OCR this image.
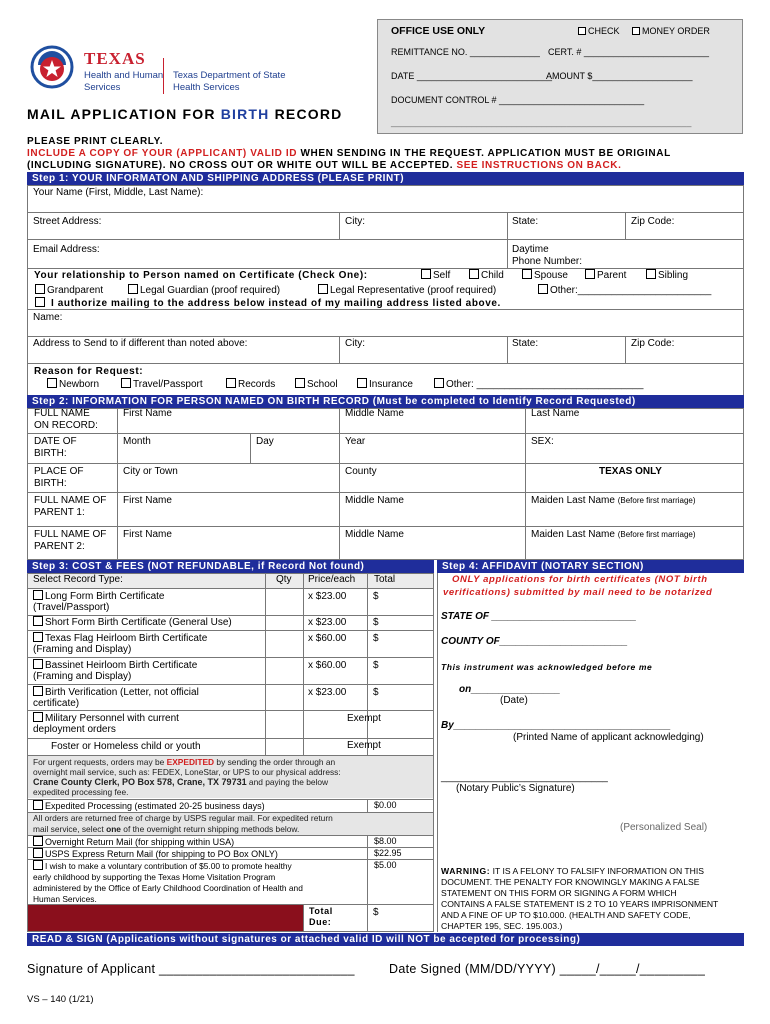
OFFICE USE ONLY	CHECK	MONEY ORDER
REMITTANCE NO. ______________ CERT. # _________________________
DATE ___________________________
AMOUNT $____________________
DOCUMENT CONTROL # _____________________________
____________________________________________________________
TEXAS
Health and Human
Services
Texas Department of State
Health Services
MAIL APPLICATION FOR BIRTH RECORD
PLEASE PRINT CLEARLY.
INCLUDE A COPY OF YOUR (APPLICANT) VALID ID WHEN SENDING IN THE REQUEST. APPLICATION MUST BE ORIGINAL
(INCLUDING SIGNATURE). NO CROSS OUT OR WHITE OUT WILL BE ACCEPTED. SEE INSTRUCTIONS ON BACK.
Step 1: YOUR INFORMATON AND SHIPPING ADDRESS (PLEASE PRINT)
Your Name (First, Middle, Last Name):
Street Address:	City:	State:	Zip Code:
Email Address:	Daytime
Phone Number:
Your relationship to Person named on Certificate (Check One):	Self	Child	Spouse	Parent	Sibling
Grandparent	Legal Guardian (proof required)	Legal Representative (proof required)	Other:________________________
I authorize mailing to the address below instead of my mailing address listed above.
Name:
Address to Send to if different than noted above:	City:	State:	Zip Code:
Reason for Request:
Newborn	Travel/Passport	Records	School	Insurance	Other: ______________________________
Step 2: INFORMATION FOR PERSON NAMED ON BIRTH RECORD (Must be completed to Identify Record Requested)
FULL NAME
ON RECORD:
First Name	Middle Name	Last Name
DATE OF
BIRTH:
Month	Day	Year	SEX:
PLACE OF
BIRTH:
City or Town	County	TEXAS ONLY
FULL NAME OF
PARENT 1:
First Name	Middle Name	Maiden Last Name (Before first marriage)
FULL NAME OF
PARENT 2:
First Name	Middle Name	Maiden Last Name (Before first marriage)
Step 3: COST & FEES (NOT REFUNDABLE, if Record Not found)
Select Record Type:	Qty Price/each Total
Long Form Birth Certificate
(Travel/Passport)
x $23.00	$
Short Form Birth Certificate (General Use)	x $23.00	$
Texas Flag Heirloom Birth Certificate
(Framing and Display)
x $60.00	$
Bassinet Heirloom Birth Certificate
(Framing and Display)
x $60.00	$
Birth Verification (Letter, not official
certificate)
x $23.00	$
Military Personnel with current
deployment orders
Exempt
Foster or Homeless child or youth	Exempt
For urgent requests, orders may be EXPEDITED by sending the order through an
overnight mail service, such as: FEDEX, LoneStar, or UPS to our physical address:
Crane County Clerk, PO Box 578, Crane, TX 79731 and paying the below
expedited processing fee.
Expedited Processing (estimated 20-25 business days)	$0.00
All orders are returned free of charge by USPS regular mail. For expedited return
mail service, select one of the overnight return shipping methods below.
Overnight Return Mail (for shipping within USA)	$8.00
USPS Express Return Mail (for shipping to PO Box ONLY)	$22.95
I wish to make a voluntary contribution of $5.00 to promote healthy
early childhood by supporting the Texas Home Visitation Program
administered by the Office of Early Childhood Coordination of Health and
Human Services.
$5.00
Total
Due:
$
Step 4: AFFIDAVIT (NOTARY SECTION)
ONLY applications for birth certificates (NOT birth
verifications) submitted by mail need to be notarized
STATE OF __________________________
COUNTY OF_______________________
This instrument was acknowledged before me
on________________
(Date)
By_______________________________________
(Printed Name of applicant acknowledging)
______________________________
(Notary Public’s Signature)
(Personalized Seal)
WARNING: IT IS A FELONY TO FALSIFY INFORMATION ON THIS
DOCUMENT. THE PENALTY FOR KNOWINGLY MAKING A FALSE
STATEMENT ON THIS FORM OR SIGNING A FORM WHICH
CONTAINS A FALSE STATEMENT IS 2 TO 10 YEARS IMPRISONMENT
AND A FINE OF UP TO $10.000. (HEALTH AND SAFETY CODE,
CHAPTER 195, SEC. 195.003.)
READ & SIGN (Applications without signatures or attached valid ID will NOT be accepted for processing)
Signature of Applicant ___________________________	Date Signed (MM/DD/YYYY) _____/_____/_________
VS – 140 (1/21)
